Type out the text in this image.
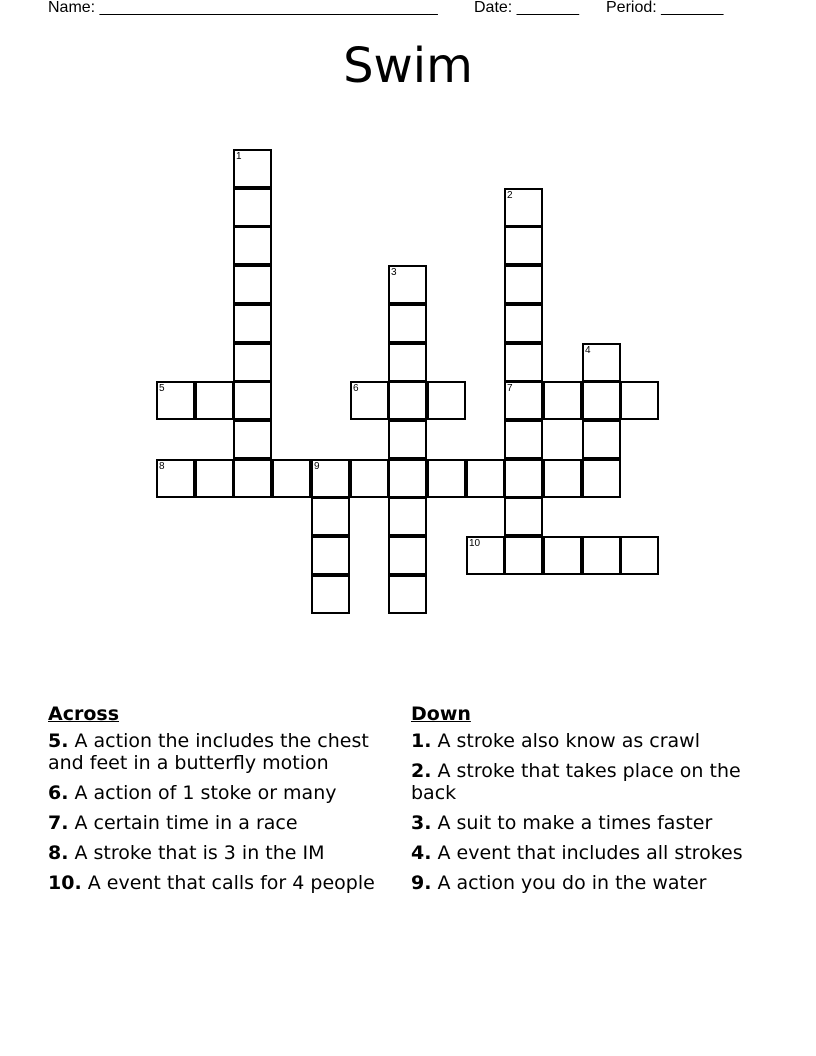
Name: ______________________________________ Date: _______ Period: _______
Swim
1
2
7
3
4
9
5	6
8
10
Across
5. A action the includes the chest and feet in a butterfly motion
6. A action of 1 stoke or many
7. A certain time in a race
8. A stroke that is 3 in the IM
10. A event that calls for 4 people
Down
1. A stroke also know as crawl
2. A stroke that takes place on the back
3. A suit to make a times faster
4. A event that includes all strokes
9. A action you do in the water
